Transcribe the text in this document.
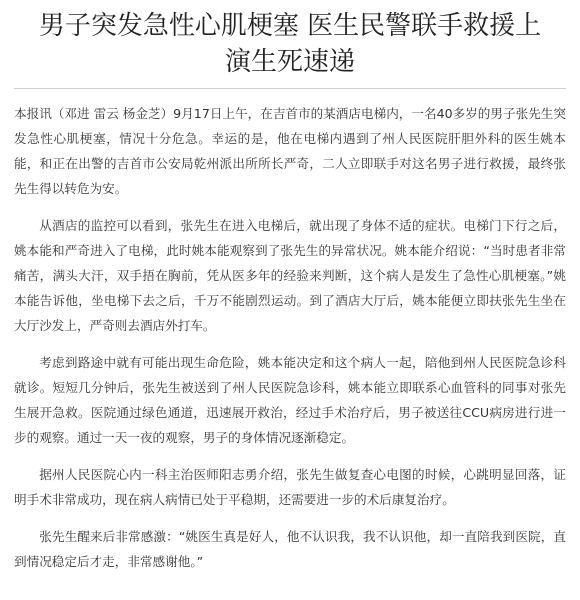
男子突发急性心肌梗塞 医生民警联手救援上
演生死速递

本报讯（邓进 雷云 杨金芝）9月17日上午，在吉首市的某酒店电梯内，一名40多岁的男子张先生突发急性心肌梗塞，情况十分危急。幸运的是，他在电梯内遇到了州人民医院肝胆外科的医生姚本能，和正在出警的吉首市公安局乾州派出所所长严奇，二人立即联手对这名男子进行救援，最终张先生得以转危为安。

从酒店的监控可以看到，张先生在进入电梯后，就出现了身体不适的症状。电梯门下行之后，姚本能和严奇进入了电梯，此时姚本能观察到了张先生的异常状况。姚本能介绍说：“当时患者非常痛苦，满头大汗，双手捂在胸前，凭从医多年的经验来判断，这个病人是发生了急性心肌梗塞。”姚本能告诉他，坐电梯下去之后，千万不能剧烈运动。到了酒店大厅后，姚本能便立即扶张先生坐在大厅沙发上，严奇则去酒店外打车。

考虑到路途中就有可能出现生命危险，姚本能决定和这个病人一起，陪他到州人民医院急诊科就诊。短短几分钟后，张先生被送到了州人民医院急诊科，姚本能立即联系心血管科的同事对张先生展开急救。医院通过绿色通道，迅速展开救治，经过手术治疗后，男子被送往CCU病房进行进一步的观察。通过一天一夜的观察，男子的身体情况逐渐稳定。

据州人民医院心内一科主治医师阳志勇介绍，张先生做复查心电图的时候，心跳明显回落，证明手术非常成功，现在病人病情已处于平稳期，还需要进一步的术后康复治疗。

张先生醒来后非常感激：“姚医生真是好人，他不认识我，我不认识他，却一直陪我到医院，直到情况稳定后才走，非常感谢他。”
